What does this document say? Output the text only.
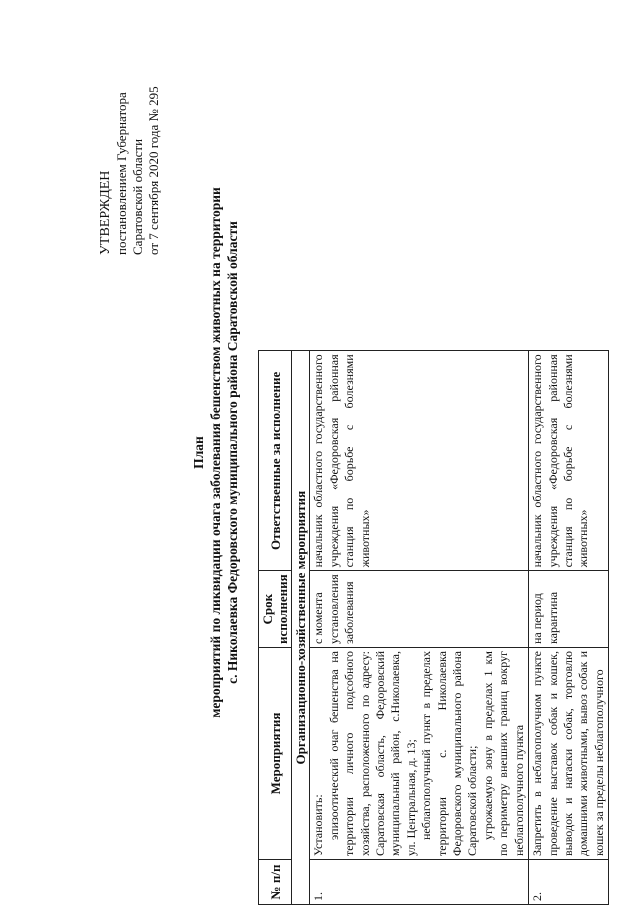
УТВЕРЖДЕН постановлением Губернатора Саратовской области от 7 сентября 2020 года № 295
План мероприятий по ликвидации очага заболевания бешенством животных на территории с. Николаевка Федоровского муниципального района Саратовской области
№ п/п	Мероприятия	Срок исполнения	Ответственные за исполнение
Организационно-хозяйственные мероприятия			
1.	Установить: эпизоотический очаг бешенства на территории личного подсобного хозяйства, расположенного по адресу: Саратовская область, Федоровский муниципальный район, с.Николаевка, ул. Центральная, д. 13; неблагополучный пункт в пределах территории с. Николаевка Федоровского муниципального района Саратовской области; угрожаемую зону в пределах 1 км по периметру внешних границ вокруг неблагополучного пункта	с момента установления заболевания	начальник областного государственного учреждения «Федоровская районная станция по борьбе с болезнями животных»
2.	Запретить в неблагополучном пункте проведение выставок собак и кошек, выводок и натаски собак, торговлю домашними животными, вывоз собак и кошек за пределы неблагополучного	на период карантина	начальник областного государственного учреждения «Федоровская районная станция по борьбе с болезнями животных»
